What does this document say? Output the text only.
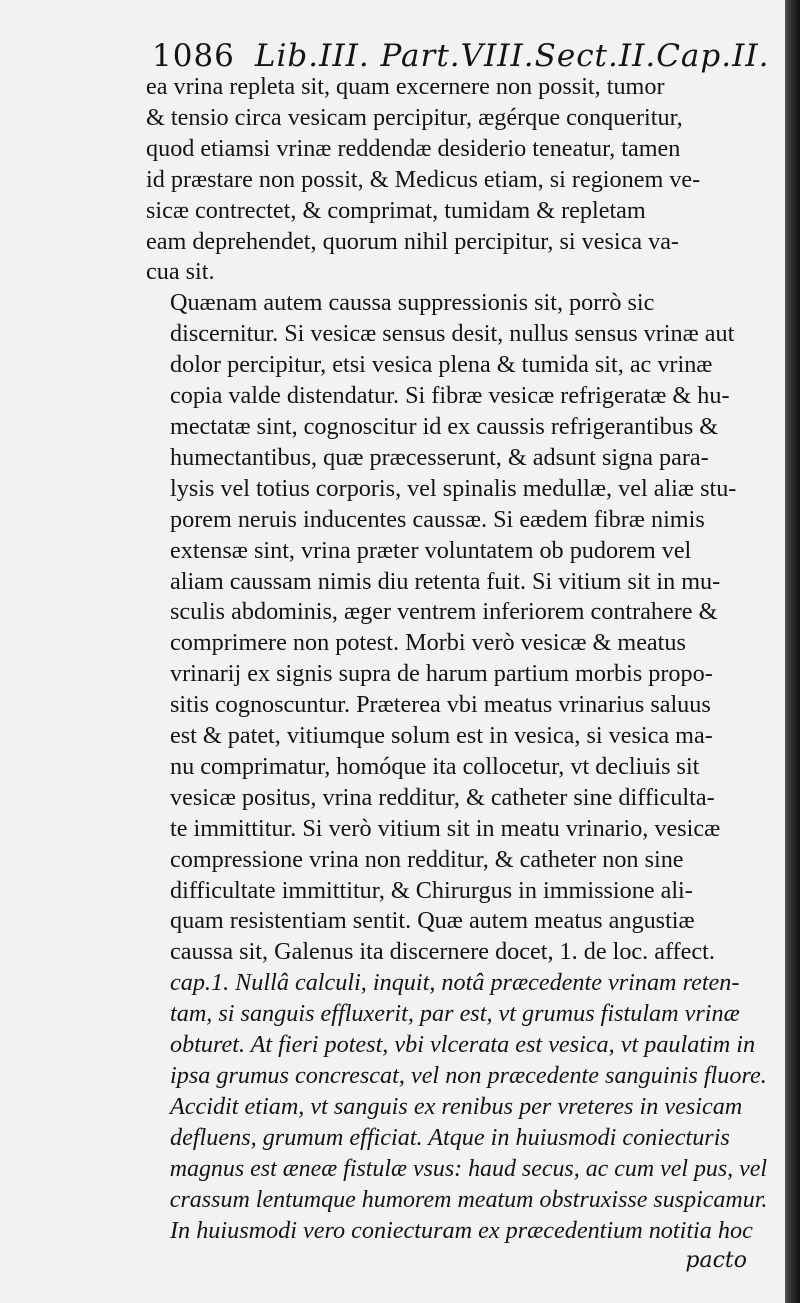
1086 Lib.III. Part.VIII.Sect.II.Cap.II.

ea vrina repleta sit, quam excernere non possit, tumor
& tensio circa vesicam percipitur, ægérque conqueritur,
quod etiamsi vrinæ reddendæ desiderio teneatur, tamen
id præstare non possit, & Medicus etiam, si regionem ve-
sicæ contrectet, & comprimat, tumidam & repletam
eam deprehendet, quorum nihil percipitur, si vesica va-
cua sit.

Quænam autem caussa suppressionis sit, porrò sic
discernitur. Si vesicæ sensus desit, nullus sensus vrinæ aut
dolor percipitur, etsi vesica plena & tumida sit, ac vrinæ
copia valde distendatur. Si fibræ vesicæ refrigeratæ & hu-
mectatæ sint, cognoscitur id ex caussis refrigerantibus &
humectantibus, quæ præcesserunt, & adsunt signa para-
lysis vel totius corporis, vel spinalis medullæ, vel aliæ stu-
porem neruis inducentes caussæ. Si eædem fibræ nimis
extensæ sint, vrina præter voluntatem ob pudorem vel
aliam caussam nimis diu retenta fuit. Si vitium sit in mu-
sculis abdominis, æger ventrem inferiorem contrahere &
comprimere non potest. Morbi verò vesicæ & meatus
vrinarij ex signis supra de harum partium morbis propo-
sitis cognoscuntur. Præterea vbi meatus vrinarius saluus
est & patet, vitiumque solum est in vesica, si vesica ma-
nu comprimatur, homóque ita collocetur, vt decliuis sit
vesicæ positus, vrina redditur, & catheter sine difficulta-
te immittitur. Si verò vitium sit in meatu vrinario, vesicæ
compressione vrina non redditur, & catheter non sine
difficultate immittitur, & Chirurgus in immissione ali-
quam resistentiam sentit. Quæ autem meatus angustiæ
caussa sit, Galenus ita discernere docet, 1. de loc. affect.
cap.1. Nullâ calculi, inquit, notâ præcedente vrinam reten-
tam, si sanguis effluxerit, par est, vt grumus fistulam vrinæ
obturet. At fieri potest, vbi vlcerata est vesica, vt paulatim in
ipsa grumus concrescat, vel non præcedente sanguinis fluore.
Accidit etiam, vt sanguis ex renibus per vreteres in vesicam
defluens, grumum efficiat. Atque in huiusmodi coniecturis
magnus est æneæ fistulæ vsus: haud secus, ac cum vel pus, vel
crassum lentumque humorem meatum obstruxisse suspicamur.
In huiusmodi vero coniecturam ex præcedentium notitia hoc

pacto
